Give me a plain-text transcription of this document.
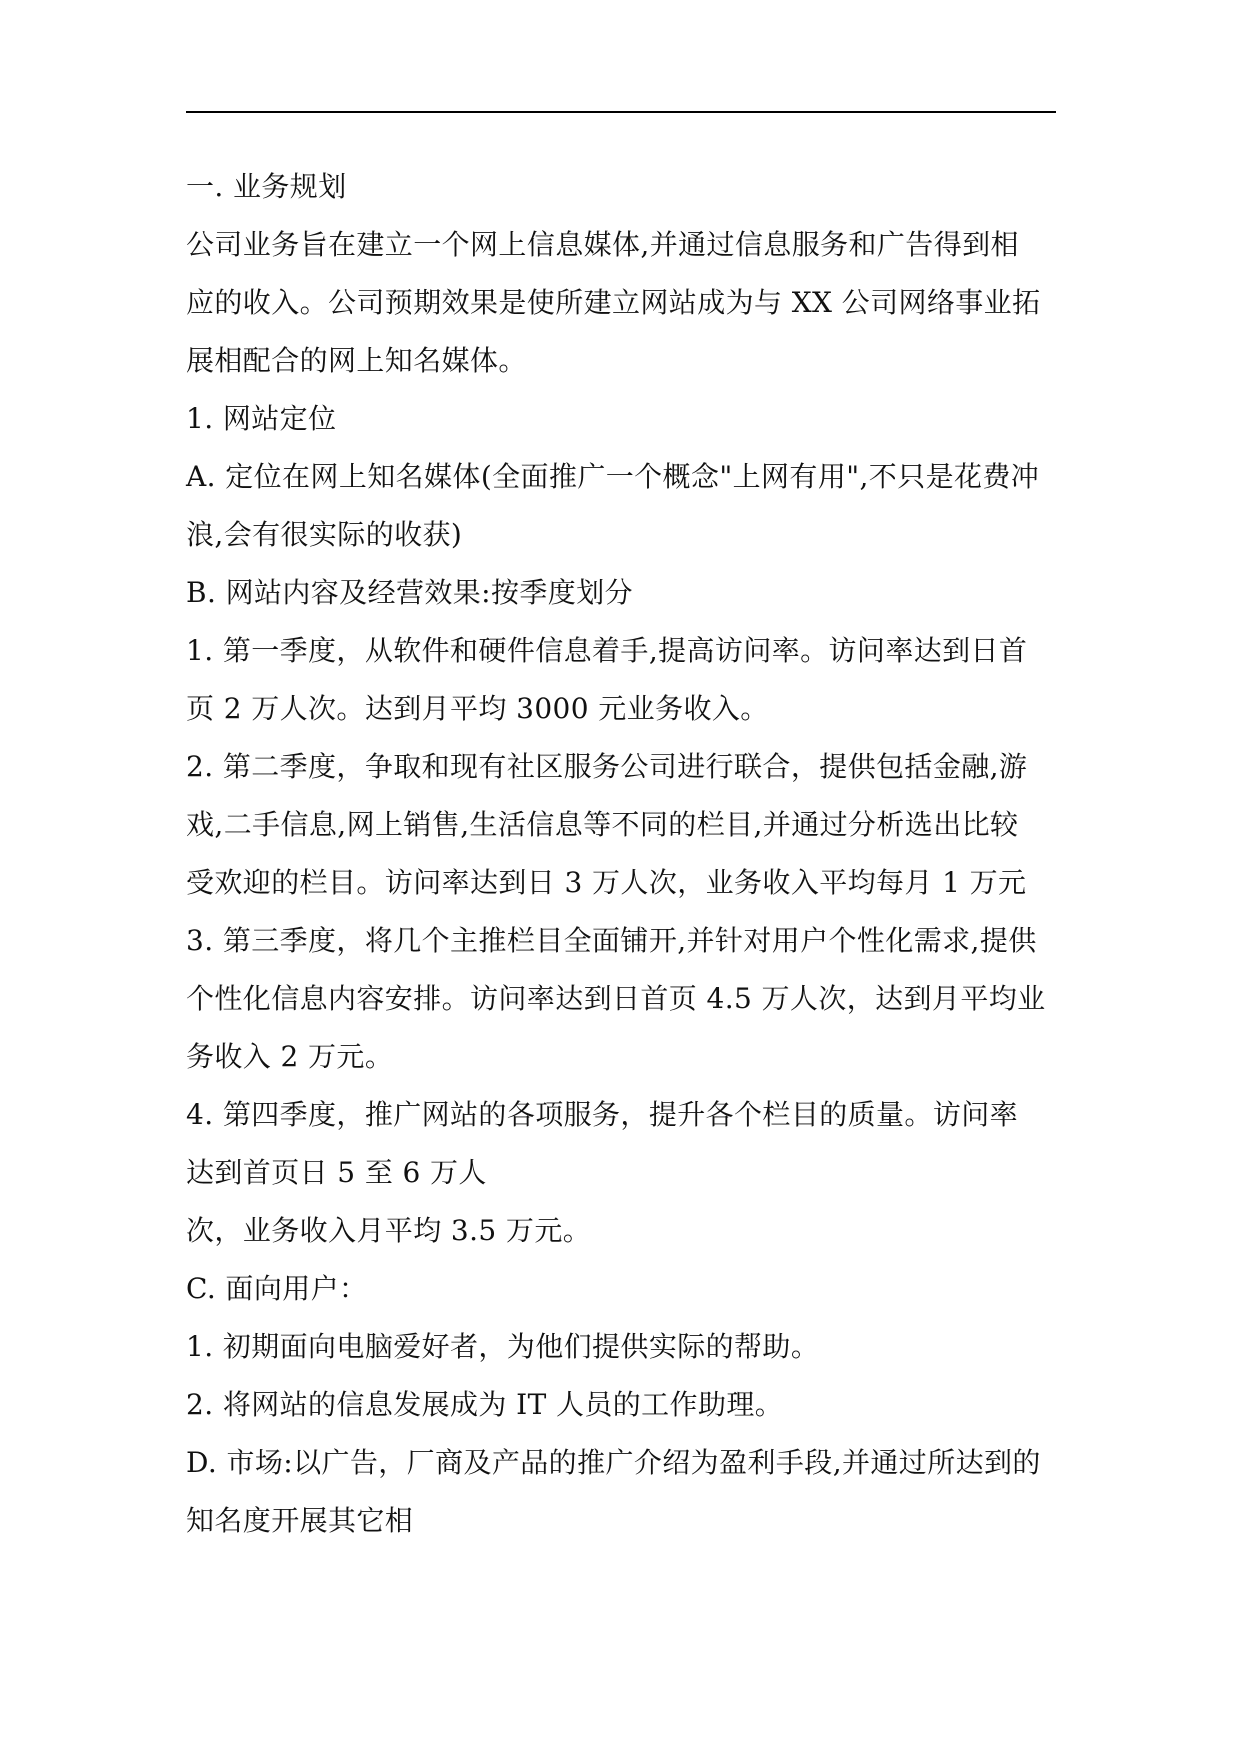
一. 业务规划
公司业务旨在建立一个网上信息媒体,并通过信息服务和广告得到相
应的收入。公司预期效果是使所建立网站成为与 XX 公司网络事业拓
展相配合的网上知名媒体。
1. 网站定位
A. 定位在网上知名媒体(全面推广一个概念"上网有用",不只是花费冲
浪,会有很实际的收获)
B. 网站内容及经营效果:按季度划分
1. 第一季度，从软件和硬件信息着手,提高访问率。访问率达到日首
页 2 万人次。达到月平均 3000 元业务收入。
2. 第二季度，争取和现有社区服务公司进行联合，提供包括金融,游
戏,二手信息,网上销售,生活信息等不同的栏目,并通过分析选出比较
受欢迎的栏目。访问率达到日 3 万人次，业务收入平均每月 1 万元
3. 第三季度，将几个主推栏目全面铺开,并针对用户个性化需求,提供
个性化信息内容安排。访问率达到日首页 4.5 万人次，达到月平均业
务收入 2 万元。
4. 第四季度，推广网站的各项服务，提升各个栏目的质量。访问率
达到首页日 5 至 6 万人
次，业务收入月平均 3.5 万元。
C. 面向用户：
1. 初期面向电脑爱好者，为他们提供实际的帮助。
2. 将网站的信息发展成为 IT 人员的工作助理。
D. 市场:以广告，厂商及产品的推广介绍为盈利手段,并通过所达到的
知名度开展其它相
